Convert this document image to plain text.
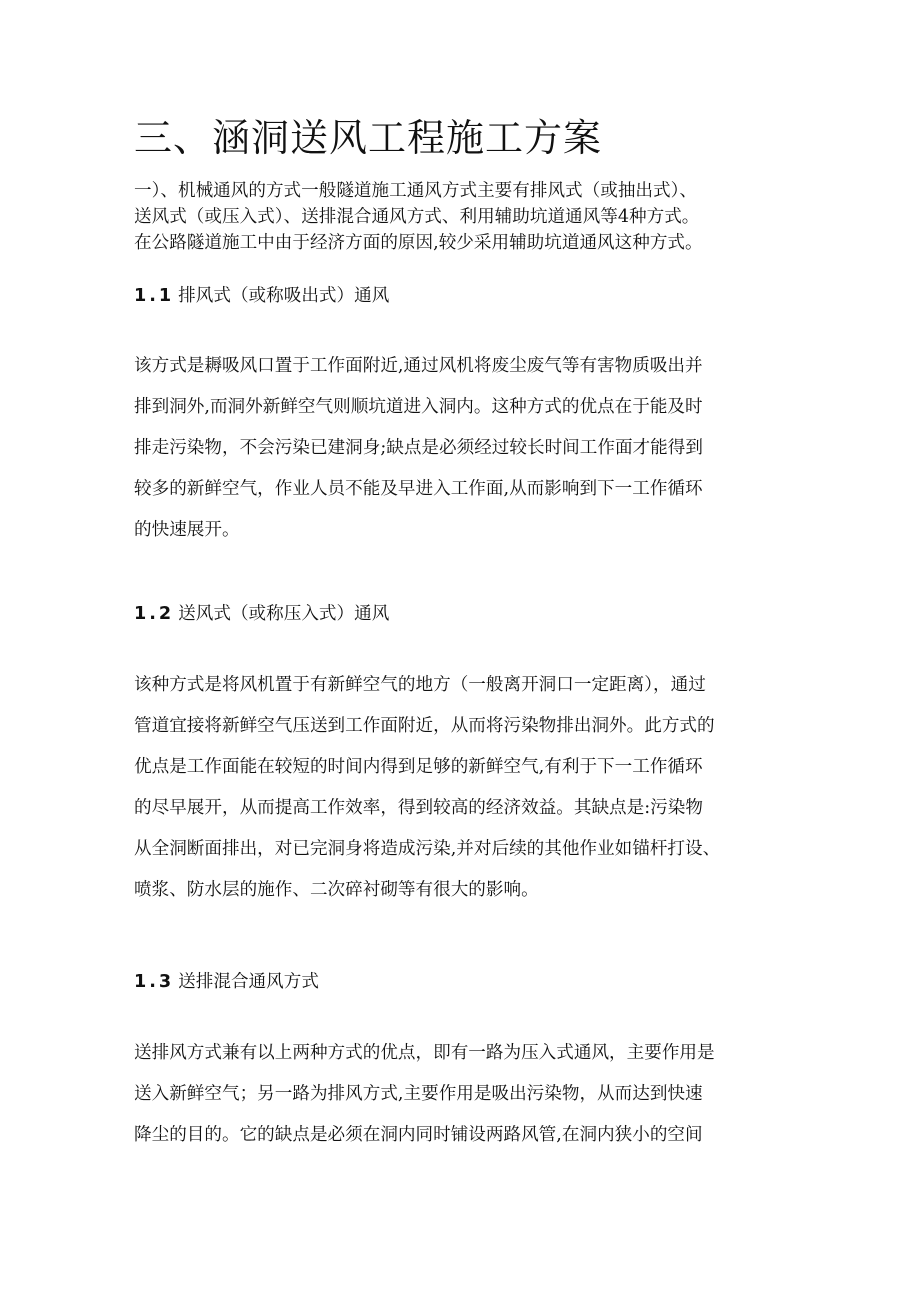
三、涵洞送风工程施工方案

一）、机械通风的方式一般隧道施工通风方式主要有排风式（或抽出式）、
送风式（或压入式）、送排混合通风方式、利用辅助坑道通风等4种方式。
在公路隧道施工中由于经济方面的原因,较少采用辅助坑道通风这种方式。

1.1 排风式（或称吸出式）通风

该方式是耨吸风口置于工作面附近,通过风机将废尘废气等有害物质吸出并
排到洞外,而洞外新鲜空气则顺坑道进入洞内。这种方式的优点在于能及时
排走污染物，不会污染已建洞身;缺点是必须经过较长时间工作面才能得到
较多的新鲜空气，作业人员不能及早进入工作面,从而影响到下一工作循环
的快速展开。

1.2 送风式（或称压入式）通风

该种方式是将风机置于有新鲜空气的地方（一般离开洞口一定距离），通过
管道宜接将新鲜空气压送到工作面附近，从而将污染物排出洞外。此方式的
优点是工作面能在较短的时间内得到足够的新鲜空气,有利于下一工作循环
的尽早展开，从而提高工作效率，得到较高的经济效益。其缺点是:污染物
从全洞断面排出，对已完洞身将造成污染,并对后续的其他作业如锚杆打设、
喷浆、防水层的施作、二次碎衬砌等有很大的影响。

1.3 送排混合通风方式

送排风方式兼有以上两种方式的优点，即有一路为压入式通风，主要作用是
送入新鲜空气；另一路为排风方式,主要作用是吸出污染物，从而达到快速
降尘的目的。它的缺点是必须在洞内同时铺设两路风管,在洞内狭小的空间
